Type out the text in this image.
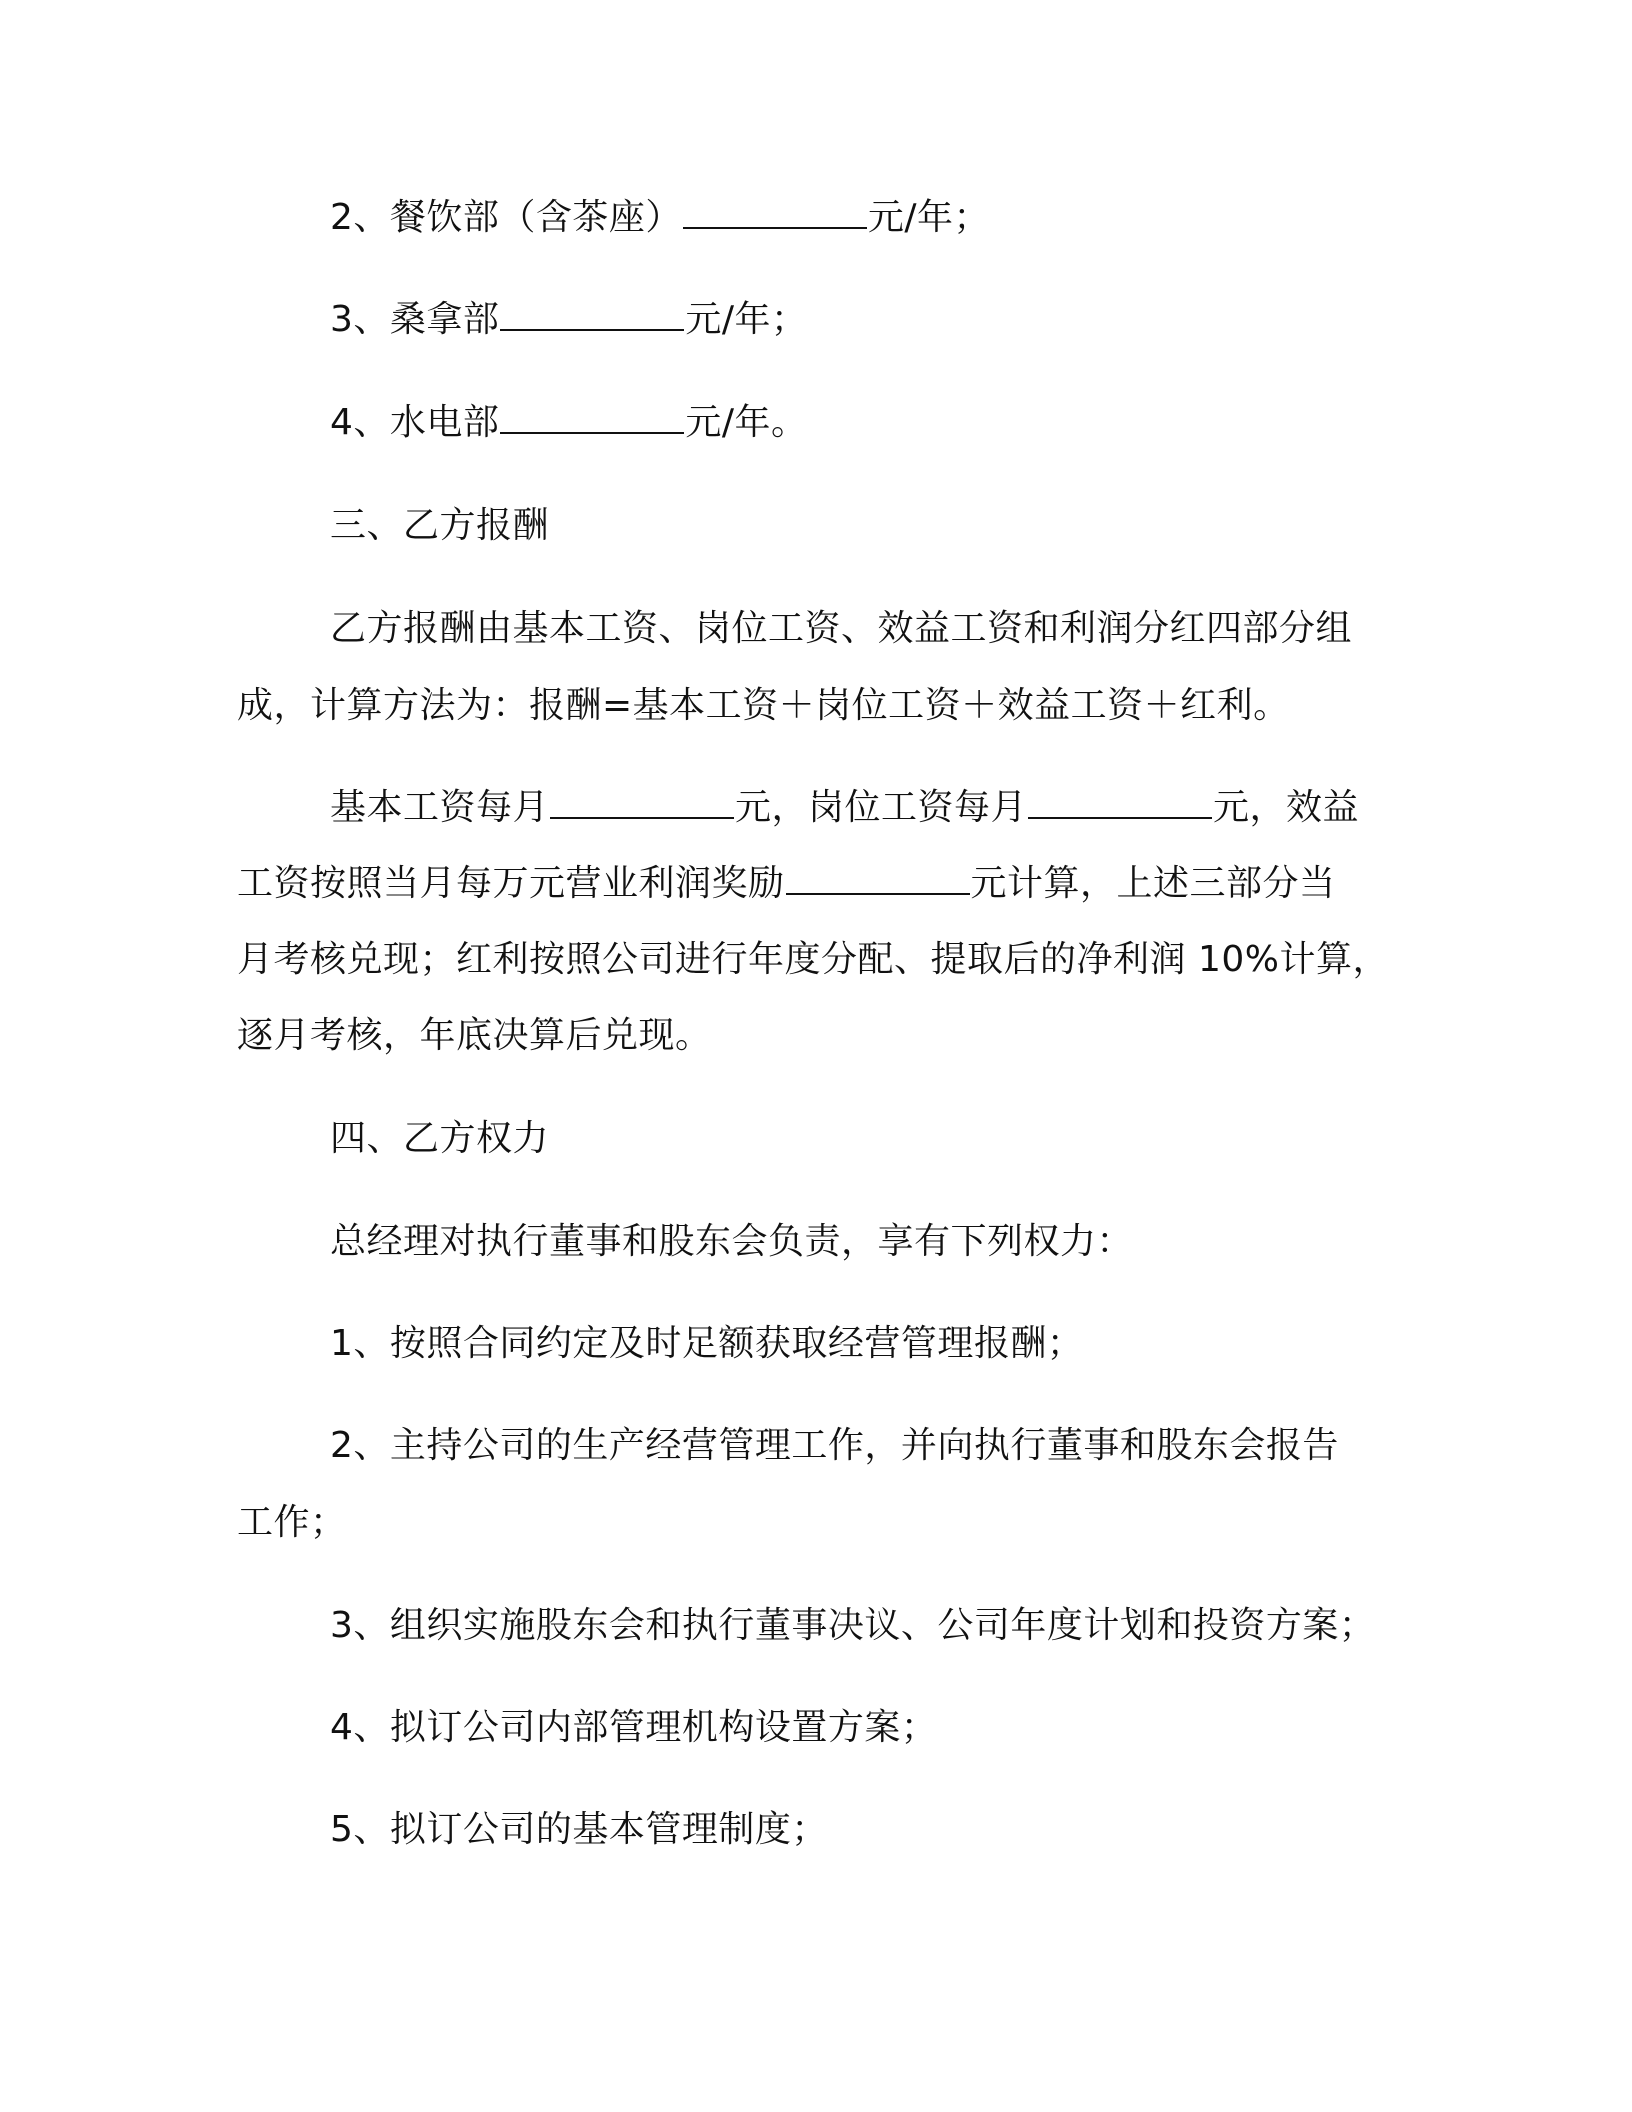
2、餐饮部（含茶座）	元/年；
3、桑拿部	元/年；
4、水电部	元/年。
三、乙方报酬
乙方报酬由基本工资、岗位工资、效益工资和利润分红四部分组
成，计算方法为：报酬=基本工资＋岗位工资＋效益工资＋红利。
基本工资每月	元，岗位工资每月	元，效益
工资按照当月每万元营业利润奖励	元计算，上述三部分当
月考核兑现；红利按照公司进行年度分配、提取后的净利润 10%计算，
逐月考核，年底决算后兑现。
四、乙方权力
总经理对执行董事和股东会负责，享有下列权力：
1、按照合同约定及时足额获取经营管理报酬；
2、主持公司的生产经营管理工作，并向执行董事和股东会报告
工作；
3、组织实施股东会和执行董事决议、公司年度计划和投资方案；
4、拟订公司内部管理机构设置方案；
5、拟订公司的基本管理制度；
